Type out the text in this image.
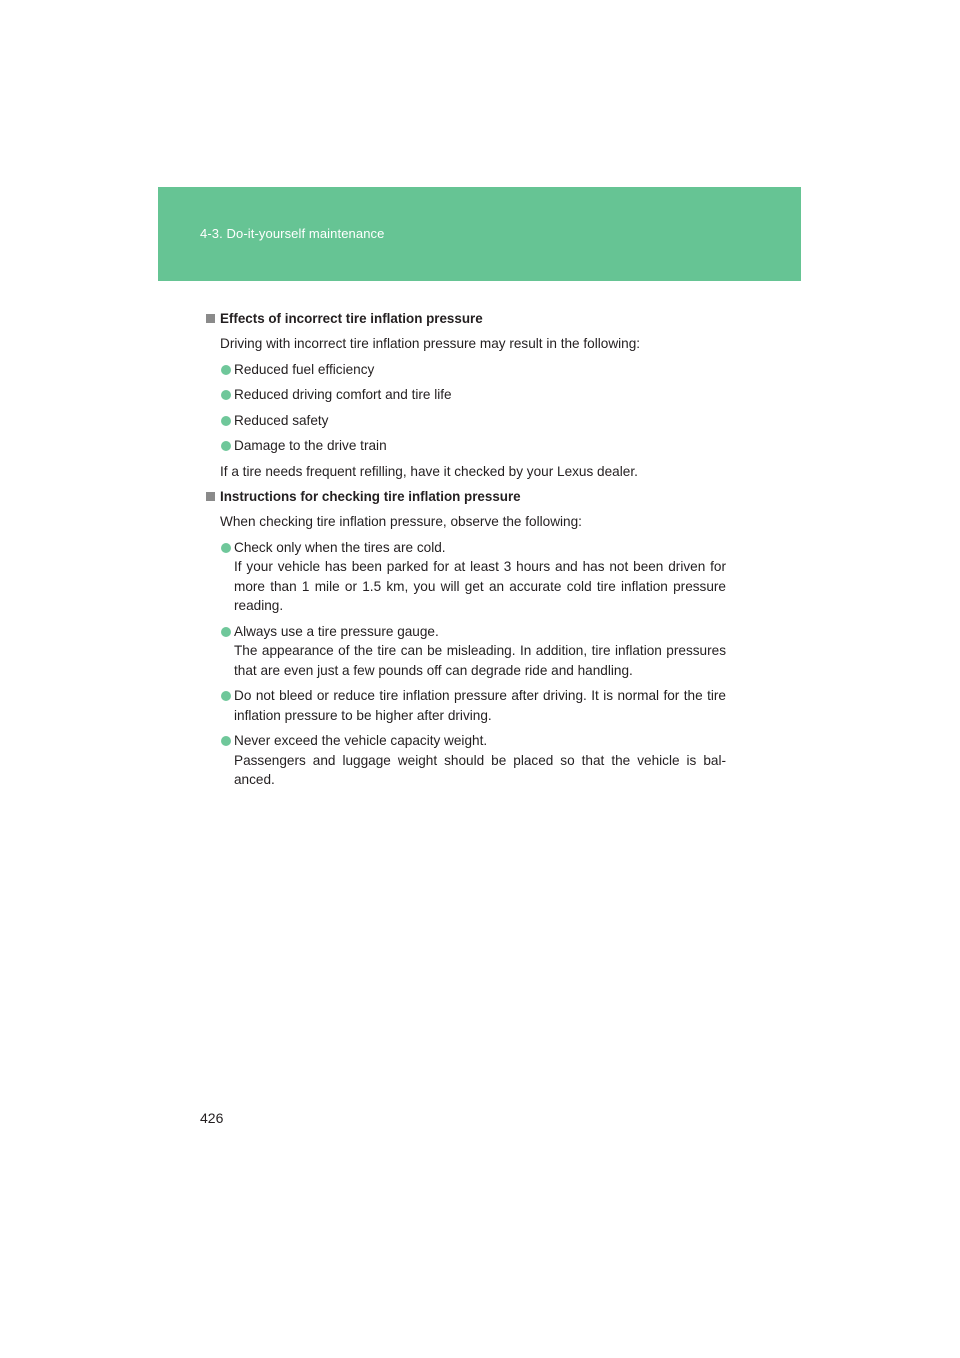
4-3. Do-it-yourself maintenance
Effects of incorrect tire inflation pressure
Driving with incorrect tire inflation pressure may result in the following:
Reduced fuel efficiency
Reduced driving comfort and tire life
Reduced safety
Damage to the drive train
If a tire needs frequent refilling, have it checked by your Lexus dealer.
Instructions for checking tire inflation pressure
When checking tire inflation pressure, observe the following:
Check only when the tires are cold.
If your vehicle has been parked for at least 3 hours and has not been driven for more than 1 mile or 1.5 km, you will get an accurate cold tire inflation pressure reading.
Always use a tire pressure gauge.
The appearance of the tire can be misleading. In addition, tire inflation pressures that are even just a few pounds off can degrade ride and handling.
Do not bleed or reduce tire inflation pressure after driving. It is normal for the tire inflation pressure to be higher after driving.
Never exceed the vehicle capacity weight.
Passengers and luggage weight should be placed so that the vehicle is bal-anced.
426
